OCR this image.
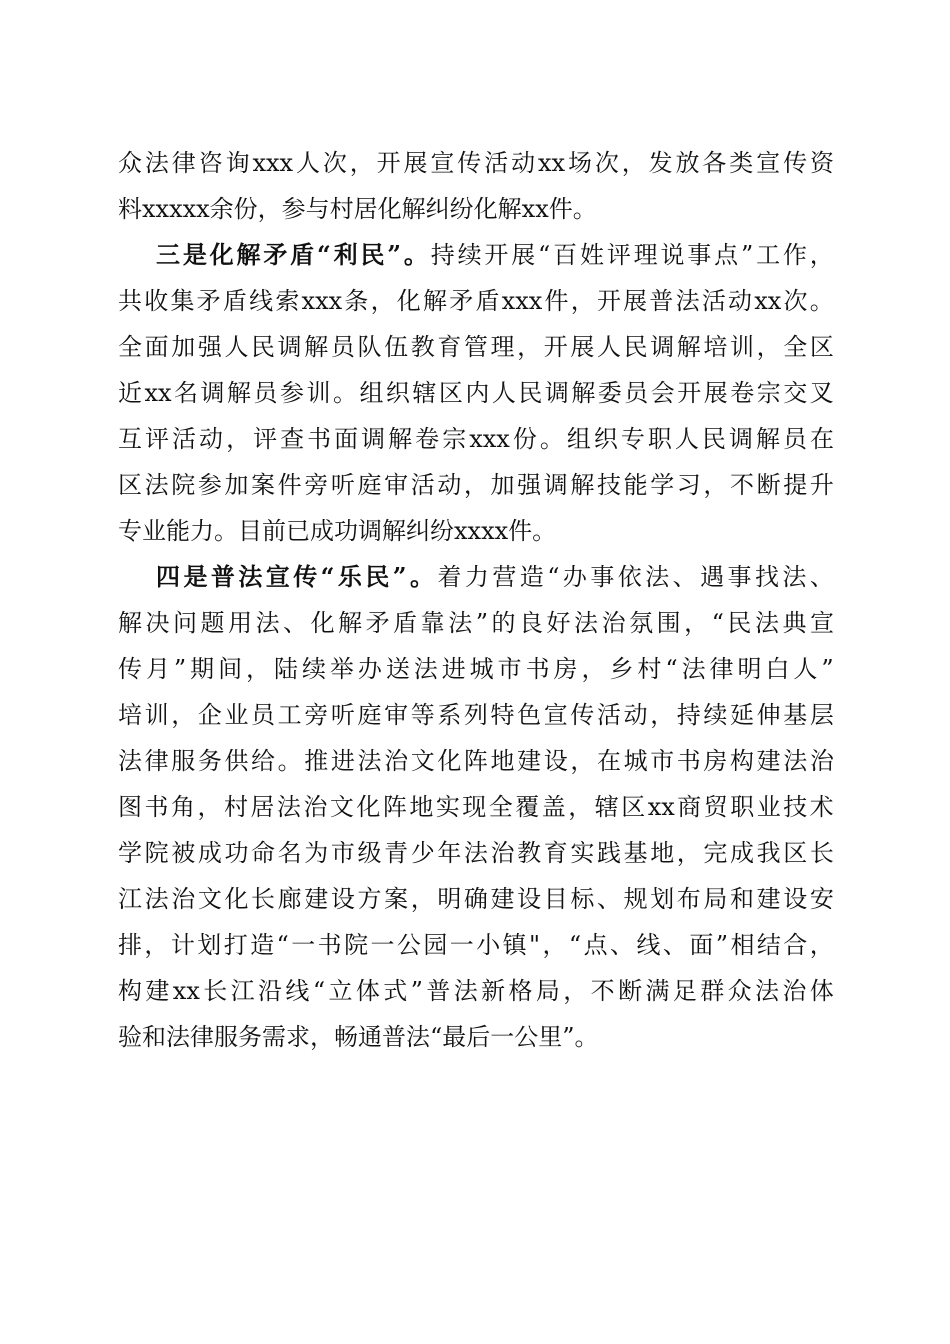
众 法 律 咨 询 xxx 人 次 ， 开 展 宣 传 活 动 xx 场 次 ， 发 放 各 类 宣 传 资
料xxxxx余份，参与村居化解纠纷化解xx件。
三 是 化 解 矛 盾 “ 利 民 ” 。 持 续 开 展 “ 百 姓 评 理 说 事 点 ” 工 作 ，
共 收 集 矛 盾 线 索 xxx 条 ， 化 解 矛 盾 xxx 件 ， 开 展 普 法 活 动 xx 次 。
全 面 加 强 人 民 调 解 员 队 伍 教 育 管 理 ， 开 展 人 民 调 解 培 训 ， 全 区
近 xx 名 调 解 员 参 训 。 组 织 辖 区 内 人 民 调 解 委 员 会 开 展 卷 宗 交 叉
互 评 活 动 ， 评 查 书 面 调 解 卷 宗 xxx 份 。 组 织 专 职 人 民 调 解 员 在
区 法 院 参 加 案 件 旁 听 庭 审 活 动 ， 加 强 调 解 技 能 学 习 ， 不 断 提 升
专业能力。目前已成功调解纠纷xxxx件。
四 是 普 法 宣 传 “ 乐 民 ” 。 着 力 营 造 “ 办 事 依 法 、 遇 事 找 法 、
解 决 问 题 用 法 、 化 解 矛 盾 靠 法 ” 的 良 好 法 治 氛 围 ， “ 民 法 典 宣
传 月 ” 期 间 ， 陆 续 举 办 送 法 进 城 市 书 房 ， 乡 村 “ 法 律 明 白 人 ”
培 训 ， 企 业 员 工 旁 听 庭 审 等 系 列 特 色 宣 传 活 动 ， 持 续 延 伸 基 层
法 律 服 务 供 给 。 推 进 法 治 文 化 阵 地 建 设 ， 在 城 市 书 房 构 建 法 治
图 书 角 ， 村 居 法 治 文 化 阵 地 实 现 全 覆 盖 ， 辖 区 xx 商 贸 职 业 技 术
学 院 被 成 功 命 名 为 市 级 青 少 年 法 治 教 育 实 践 基 地 ， 完 成 我 区 长
江 法 治 文 化 长 廊 建 设 方 案 ， 明 确 建 设 目 标 、 规 划 布 局 和 建 设 安
排 ， 计 划 打 造 “ 一 书 院 一 公 园 一 小 镇 " ， “ 点 、 线 、 面 ” 相 结 合 ，
构 建 xx 长 江 沿 线 “ 立 体 式 ” 普 法 新 格 局 ， 不 断 满 足 群 众 法 治 体
验和法律服务需求，畅通普法“最后一公里”。
